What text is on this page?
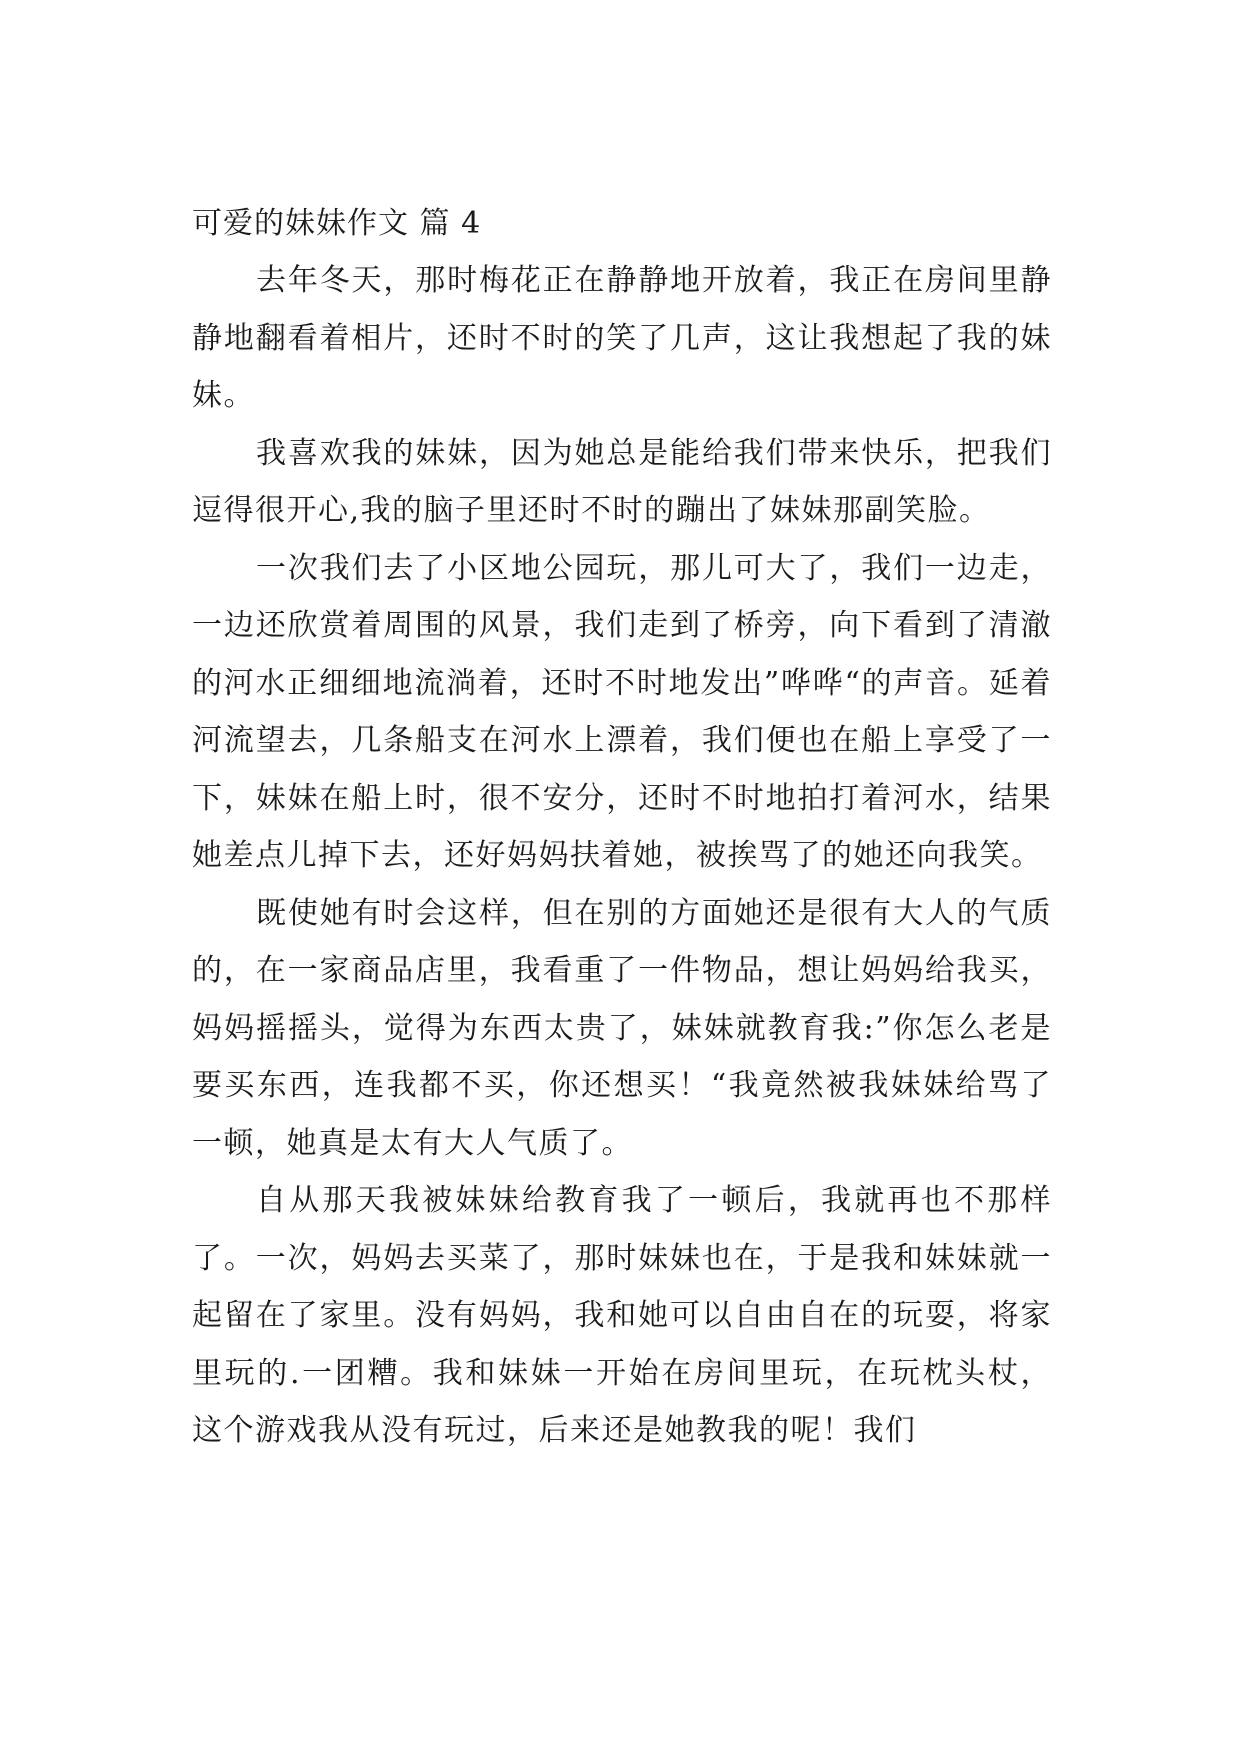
可爱的妹妹作文 篇 4

去年冬天，那时梅花正在静静地开放着，我正在房间里静静地翻看着相片，还时不时的笑了几声，这让我想起了我的妹妹。

我喜欢我的妹妹，因为她总是能给我们带来快乐，把我们逗得很开心,我的脑子里还时不时的蹦出了妹妹那副笑脸。

一次我们去了小区地公园玩，那儿可大了，我们一边走，一边还欣赏着周围的风景，我们走到了桥旁，向下看到了清澈的河水正细细地流淌着，还时不时地发出”哗哗“的声音。延着河流望去，几条船支在河水上漂着，我们便也在船上享受了一下，妹妹在船上时，很不安分，还时不时地拍打着河水，结果她差点儿掉下去，还好妈妈扶着她，被挨骂了的她还向我笑。

既使她有时会这样，但在别的方面她还是很有大人的气质的，在一家商品店里，我看重了一件物品，想让妈妈给我买，妈妈摇摇头，觉得为东西太贵了，妹妹就教育我:”你怎么老是要买东西，连我都不买，你还想买！“我竟然被我妹妹给骂了一顿，她真是太有大人气质了。

自从那天我被妹妹给教育我了一顿后，我就再也不那样了。一次，妈妈去买菜了，那时妹妹也在，于是我和妹妹就一起留在了家里。没有妈妈，我和她可以自由自在的玩耍，将家里玩的.一团糟。我和妹妹一开始在房间里玩，在玩枕头杖，这个游戏我从没有玩过，后来还是她教我的呢！我们
